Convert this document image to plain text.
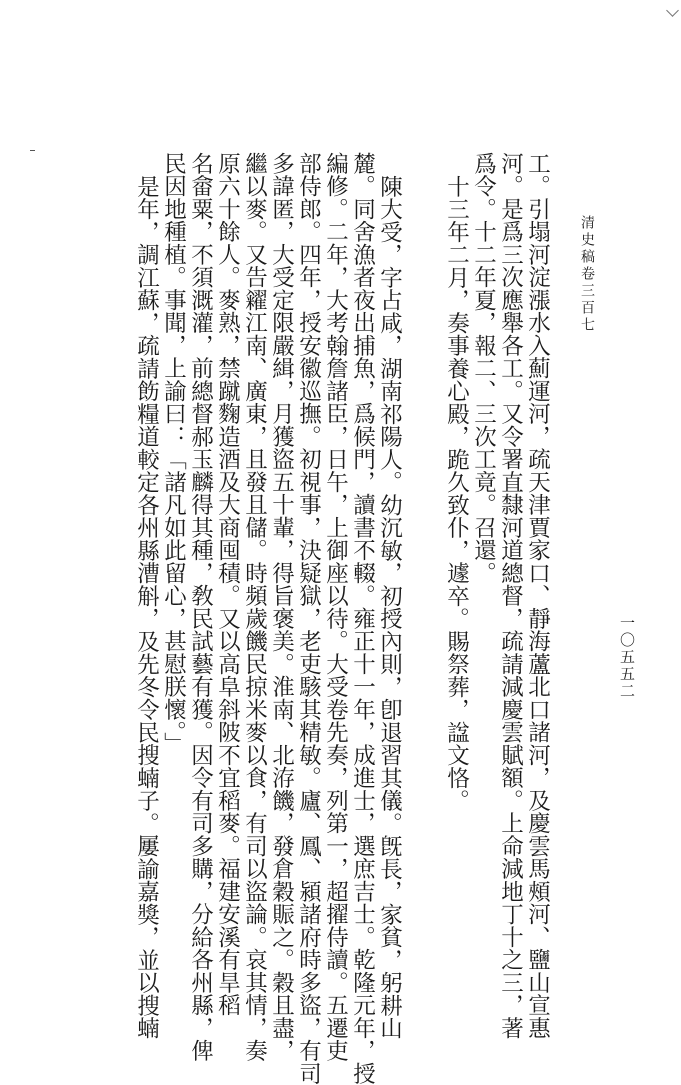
清史稿卷三百七
一〇五五二
工。引塌河淀漲水入薊運河，疏天津賈家口、靜海蘆北口諸河，及慶雲馬頰河、鹽山宣惠
河。是爲三次應舉各工。又令署直隸河道總督，疏請減慶雲賦額。上命減地丁十之三，著
爲令。十二年夏，報二、三次工竟。召還。
十三年二月，奏事養心殿，跪久致仆，遽卒。賜祭葬，諡文恪。
陳大受，字占咸，湖南祁陽人。幼沉敏，初授內則，卽退習其儀。旣長，家貧，躬耕山
麓。同舍漁者夜出捕魚，爲候門，讀書不輟。雍正十一年，成進士，選庶吉士。乾隆元年，授
編修。二年，大考翰詹諸臣，日午，上御座以待。大受卷先奏，列第一，超擢侍讀。五遷吏
部侍郎。四年，授安徽巡撫。初視事，決疑獄，老吏駭其精敏。廬、鳳、潁諸府時多盜，有司
多諱匿，大受定限嚴緝，月獲盜五十輩，得旨褒美。淮南、北洊饑，發倉穀賑之。穀且盡，
繼以麥。又告糴江南、廣東，且發且儲。時頻歲饑民掠米麥以食，有司以盜論。哀其情，奏
原六十餘人。麥熟，禁蹴麴造酒及大商囤積。又以高阜斜陂不宜稻麥。福建安溪有旱稻
名畲粟，不須溉灌，前總督郝玉麟得其種，敎民試藝有獲。因令有司多購，分給各州縣，俾
民因地種植。事聞，上諭曰：「諸凡如此留心，甚慰朕懷。」
是年，調江蘇，疏請飭糧道較定各州縣漕斛，及先冬令民搜蝻子。屢諭嘉獎，並以搜蝻
